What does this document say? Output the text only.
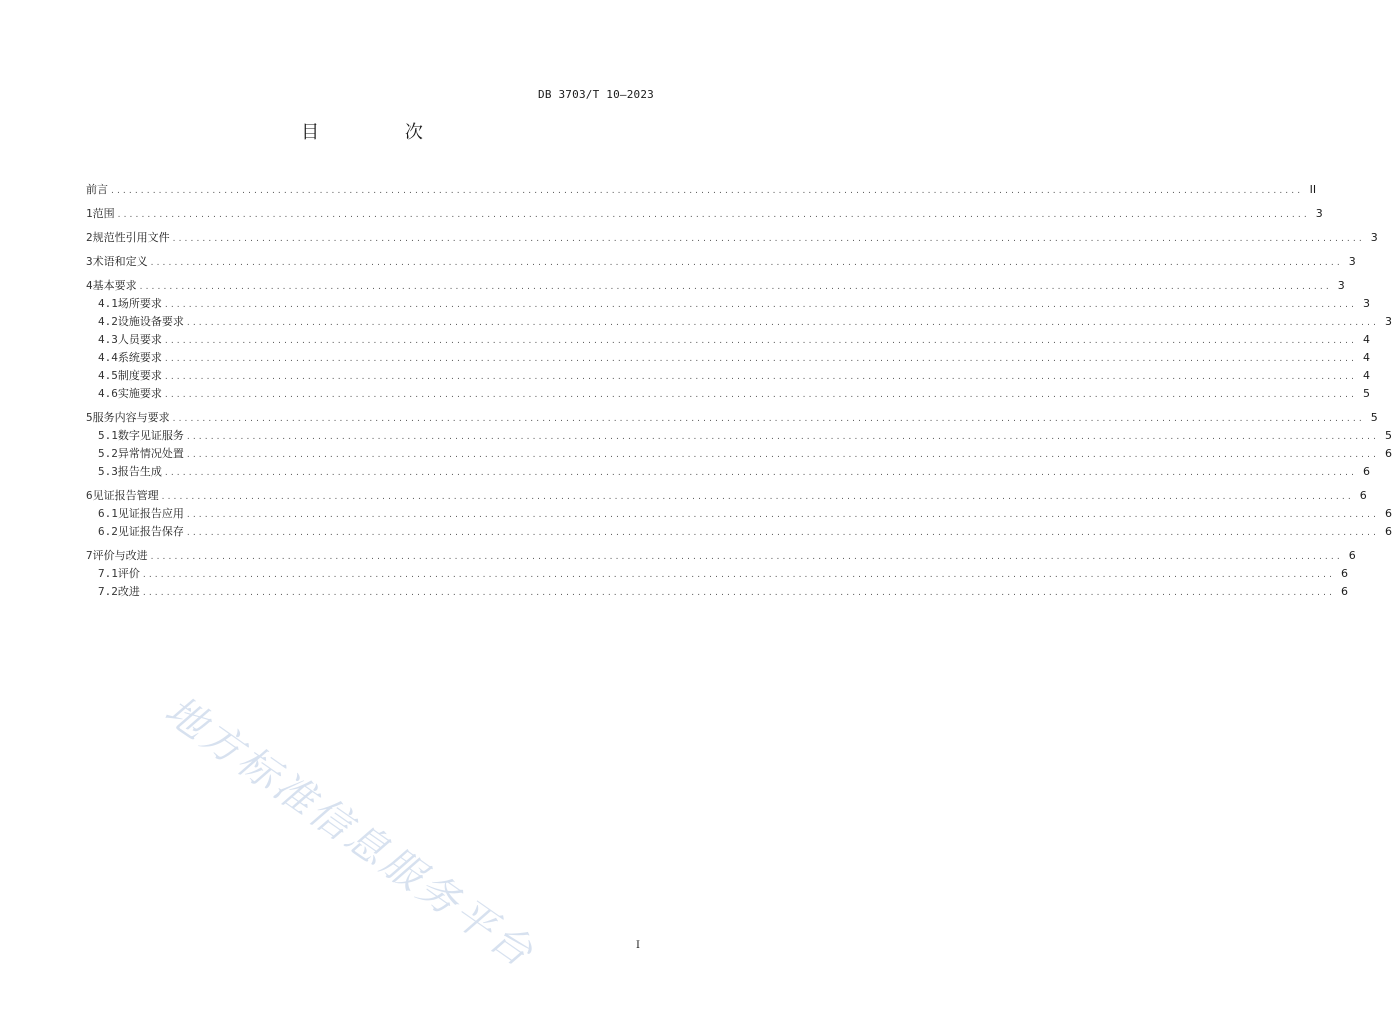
DB 3703/T 10—2023
目 次
前言 ........................................................................................................................................................................................................ II
1 范围 ........................................................................................................................................................................................................ 3
2 规范性引用文件 ........................................................................................................................................................................................................ 3
3 术语和定义 ........................................................................................................................................................................................................ 3
4 基本要求 ........................................................................................................................................................................................................ 3
4.1 场所要求 ........................................................................................................................................................................................................ 3
4.2 设施设备要求 ........................................................................................................................................................................................................ 3
4.3 人员要求 ........................................................................................................................................................................................................ 4
4.4 系统要求 ........................................................................................................................................................................................................ 4
4.5 制度要求 ........................................................................................................................................................................................................ 4
4.6 实施要求 ........................................................................................................................................................................................................ 5
5 服务内容与要求 ........................................................................................................................................................................................................ 5
5.1 数字见证服务 ........................................................................................................................................................................................................ 5
5.2 异常情况处置 ........................................................................................................................................................................................................ 6
5.3 报告生成 ........................................................................................................................................................................................................ 6
6 见证报告管理 ........................................................................................................................................................................................................ 6
6.1 见证报告应用 ........................................................................................................................................................................................................ 6
6.2 见证报告保存 ........................................................................................................................................................................................................ 6
7 评价与改进 ........................................................................................................................................................................................................ 6
7.1 评价 ........................................................................................................................................................................................................ 6
7.2 改进 ........................................................................................................................................................................................................ 6
地方标准信息服务平台	I
